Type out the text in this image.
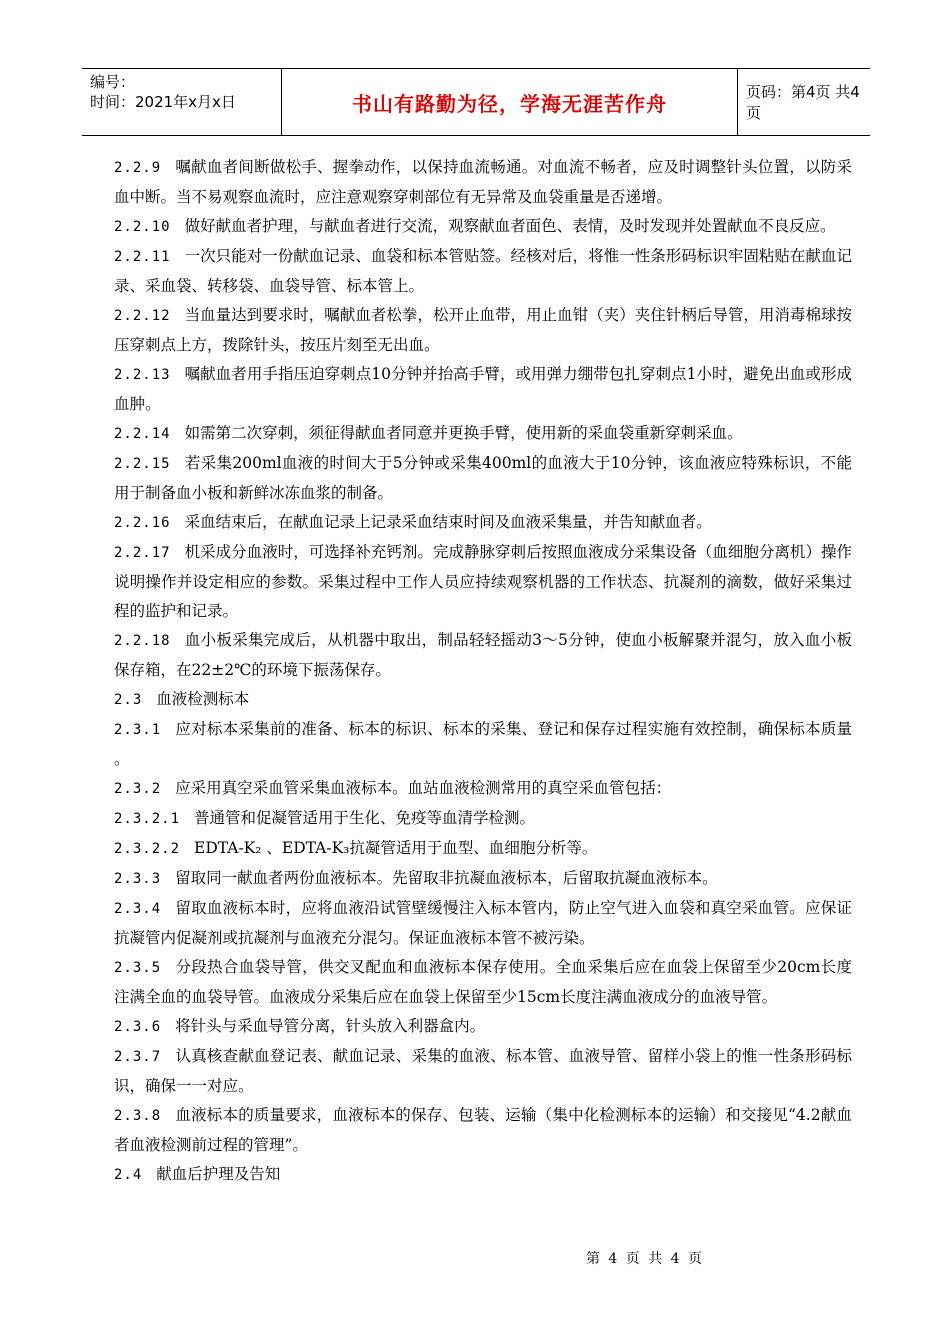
编号：
时间：2021年x月x日	书山有路勤为径，学海无涯苦作舟	页码：第4页 共4页

2.2.9 嘱献血者间断做松手、握拳动作，以保持血流畅通。对血流不畅者，应及时调整针头位置，以防采血中断。当不易观察血流时，应注意观察穿刺部位有无异常及血袋重量是否递增。

2.2.10 做好献血者护理，与献血者进行交流，观察献血者面色、表情，及时发现并处置献血不良反应。

2.2.11 一次只能对一份献血记录、血袋和标本管贴签。经核对后，将惟一性条形码标识牢固粘贴在献血记录、采血袋、转移袋、血袋导管、标本管上。

2.2.12 当血量达到要求时，嘱献血者松拳，松开止血带，用止血钳（夹）夹住针柄后导管，用消毒棉球按压穿刺点上方，拨除针头，按压片刻至无出血。

2.2.13 嘱献血者用手指压迫穿刺点10分钟并抬高手臂，或用弹力绷带包扎穿刺点1小时，避免出血或形成血肿。

2.2.14 如需第二次穿刺，须征得献血者同意并更换手臂，使用新的采血袋重新穿刺采血。

2.2.15 若采集200ml血液的时间大于5分钟或采集400ml的血液大于10分钟，该血液应特殊标识，不能用于制备血小板和新鲜冰冻血浆的制备。

2.2.16 采血结束后，在献血记录上记录采血结束时间及血液采集量，并告知献血者。

2.2.17 机采成分血液时，可选择补充钙剂。完成静脉穿刺后按照血液成分采集设备（血细胞分离机）操作说明操作并设定相应的参数。采集过程中工作人员应持续观察机器的工作状态、抗凝剂的滴数，做好采集过程的监护和记录。

2.2.18 血小板采集完成后，从机器中取出，制品轻轻摇动3～5分钟，使血小板解聚并混匀，放入血小板保存箱，在22±2℃的环境下振荡保存。

2.3 血液检测标本

2.3.1 应对标本采集前的准备、标本的标识、标本的采集、登记和保存过程实施有效控制，确保标本质量 。

2.3.2 应采用真空采血管采集血液标本。血站血液检测常用的真空采血管包括：

2.3.2.1 普通管和促凝管适用于生化、免疫等血清学检测。

2.3.2.2 EDTA-K₂ 、EDTA-K₃抗凝管适用于血型、血细胞分析等。

2.3.3 留取同一献血者两份血液标本。先留取非抗凝血液标本，后留取抗凝血液标本。

2.3.4 留取血液标本时，应将血液沿试管壁缓慢注入标本管内，防止空气进入血袋和真空采血管。应保证抗凝管内促凝剂或抗凝剂与血液充分混匀。保证血液标本管不被污染。

2.3.5 分段热合血袋导管，供交叉配血和血液标本保存使用。全血采集后应在血袋上保留至少20cm长度注满全血的血袋导管。血液成分采集后应在血袋上保留至少15cm长度注满血液成分的血液导管。

2.3.6 将针头与采血导管分离，针头放入利器盒内。

2.3.7 认真核查献血登记表、献血记录、采集的血液、标本管、血液导管、留样小袋上的惟一性条形码标识，确保一一对应。

2.3.8 血液标本的质量要求，血液标本的保存、包装、运输（集中化检测标本的运输）和交接见“4.2献血者血液检测前过程的管理”。

2.4 献血后护理及告知

第 4 页 共 4 页
